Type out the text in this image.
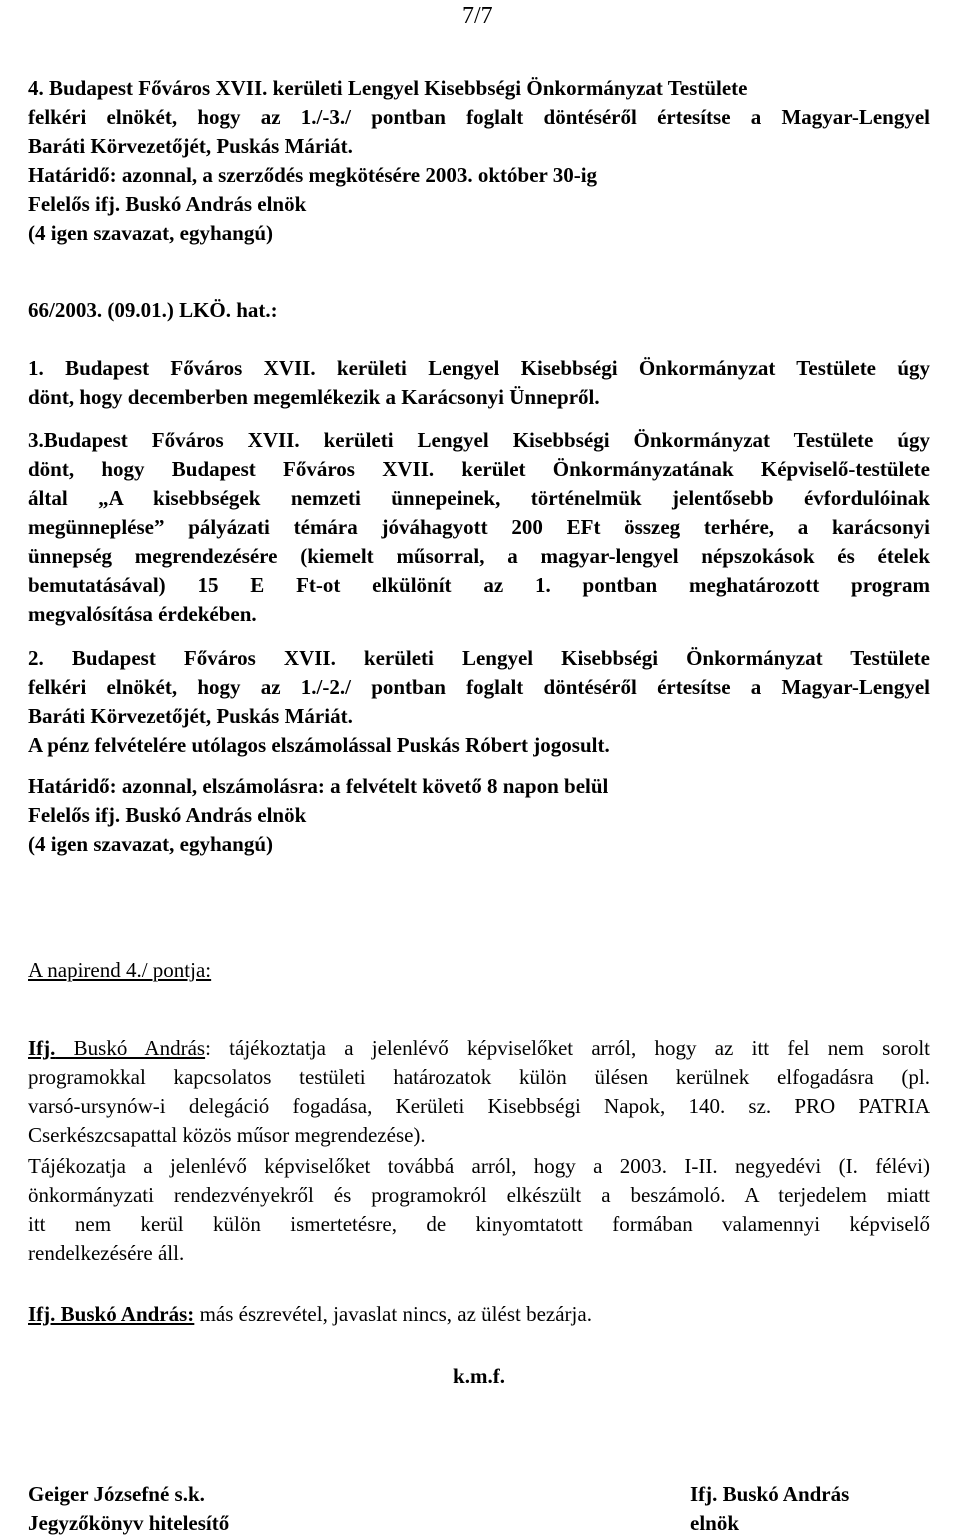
7/7

4. Budapest Főváros XVII. kerületi Lengyel Kisebbségi Önkormányzat Testülete

felkéri elnökét, hogy az 1./-3./ pontban foglalt döntéséről értesítse a Magyar-Lengyel

Baráti Körvezetőjét, Puskás Máriát.

Határidő: azonnal, a szerződés megkötésére 2003. október 30-ig

Felelős ifj. Buskó András elnök

(4 igen szavazat, egyhangú)

66/2003. (09.01.) LKÖ. hat.:

1. Budapest Főváros XVII. kerületi Lengyel Kisebbségi Önkormányzat Testülete úgy

dönt, hogy decemberben megemlékezik a Karácsonyi Ünnepről.

3.Budapest Főváros XVII. kerületi Lengyel Kisebbségi Önkormányzat Testülete úgy

dönt, hogy Budapest Főváros XVII. kerület Önkormányzatának Képviselő-testülete

által „A kisebbségek nemzeti ünnepeinek, történelmük jelentősebb évfordulóinak

megünneplése” pályázati témára jóváhagyott 200 EFt összeg terhére, a karácsonyi

ünnepség megrendezésére (kiemelt műsorral, a magyar-lengyel népszokások és ételek

bemutatásával) 15 E Ft-ot elkülönít az 1. pontban meghatározott program

megvalósítása érdekében.

2. Budapest Főváros XVII. kerületi Lengyel Kisebbségi Önkormányzat Testülete

felkéri elnökét, hogy az 1./-2./ pontban foglalt döntéséről értesítse a Magyar-Lengyel

Baráti Körvezetőjét, Puskás Máriát.

A pénz felvételére utólagos elszámolással Puskás Róbert jogosult.

Határidő: azonnal, elszámolásra: a felvételt követő 8 napon belül

Felelős ifj. Buskó András elnök

(4 igen szavazat, egyhangú)

A napirend 4./ pontja:

Ifj. Buskó András: tájékoztatja a jelenlévő képviselőket arról, hogy az itt fel nem sorolt

programokkal kapcsolatos testületi határozatok külön ülésen kerülnek elfogadásra (pl.

varsó-ursynów-i delegáció fogadása, Kerületi Kisebbségi Napok, 140. sz. PRO PATRIA

Cserkészcsapattal közös műsor megrendezése).

Tájékozatja a jelenlévő képviselőket továbbá arról, hogy a 2003. I-II. negyedévi (I. félévi)

önkormányzati rendezvényekről és programokról elkészült a beszámoló. A terjedelem miatt

itt nem kerül külön ismertetésre, de kinyomtatott formában valamennyi képviselő

rendelkezésére áll.

Ifj. Buskó András: más észrevétel, javaslat nincs, az ülést bezárja.
k.m.f.

Geiger Józsefné s.k.

Jegyzőkönyv hitelesítő

Ifj. Buskó András

elnök
